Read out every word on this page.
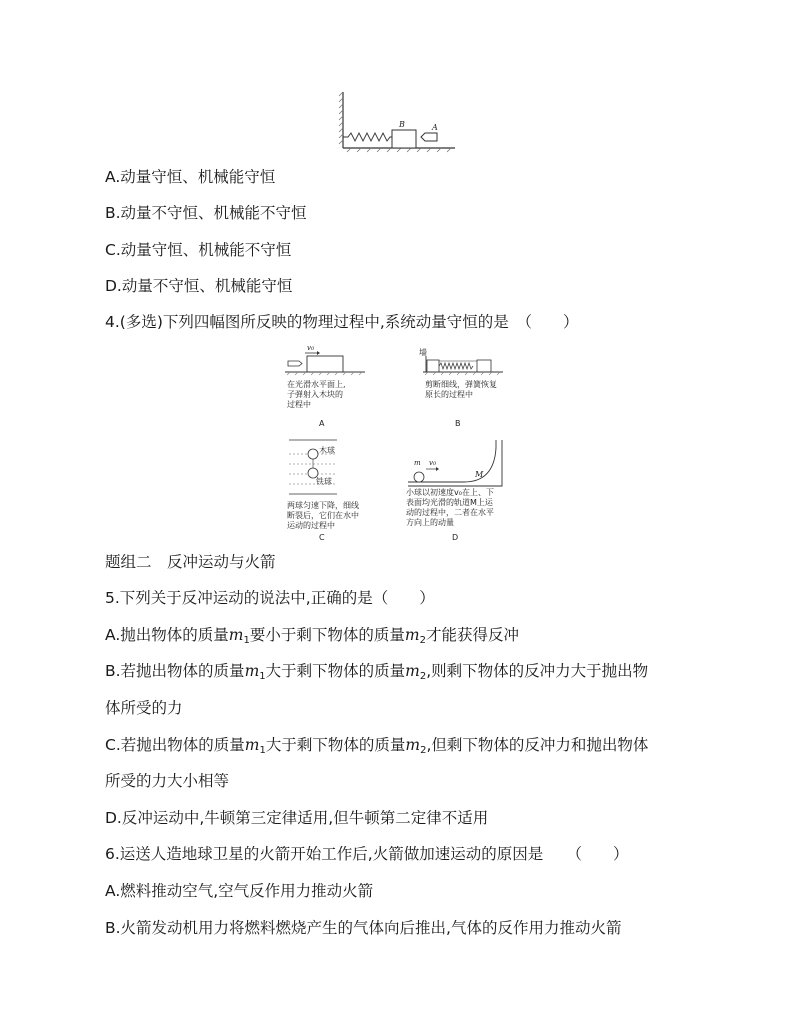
B	A
A.动量守恒、机械能守恒
B.动量不守恒、机械能不守恒
C.动量守恒、机械能不守恒
D.动量不守恒、机械能守恒
4.(多选)下列四幅图所反映的物理过程中,系统动量守恒的是　（　　）
v0
在光滑水平面上,
子弹射入木块的
过程中
A
墙
剪断细线，弹簧恢复
原长的过程中
B
木球
铁球
两球匀速下降，细线
断裂后，它们在水中
运动的过程中
C
m v0
M
小球以初速度v₀在上、下
表面均光滑的轨道M上运
动的过程中，二者在水平
方向上的动量
D
题组二　反冲运动与火箭
5.下列关于反冲运动的说法中,正确的是（　　）
A.抛出物体的质量m1要小于剩下物体的质量m2才能获得反冲
B.若抛出物体的质量m1大于剩下物体的质量m2,则剩下物体的反冲力大于抛出物
体所受的力
C.若抛出物体的质量m1大于剩下物体的质量m2,但剩下物体的反冲力和抛出物体
所受的力大小相等
D.反冲运动中,牛顿第三定律适用,但牛顿第二定律不适用
6.运送人造地球卫星的火箭开始工作后,火箭做加速运动的原因是　　（　　）
A.燃料推动空气,空气反作用力推动火箭
B.火箭发动机用力将燃料燃烧产生的气体向后推出,气体的反作用力推动火箭
